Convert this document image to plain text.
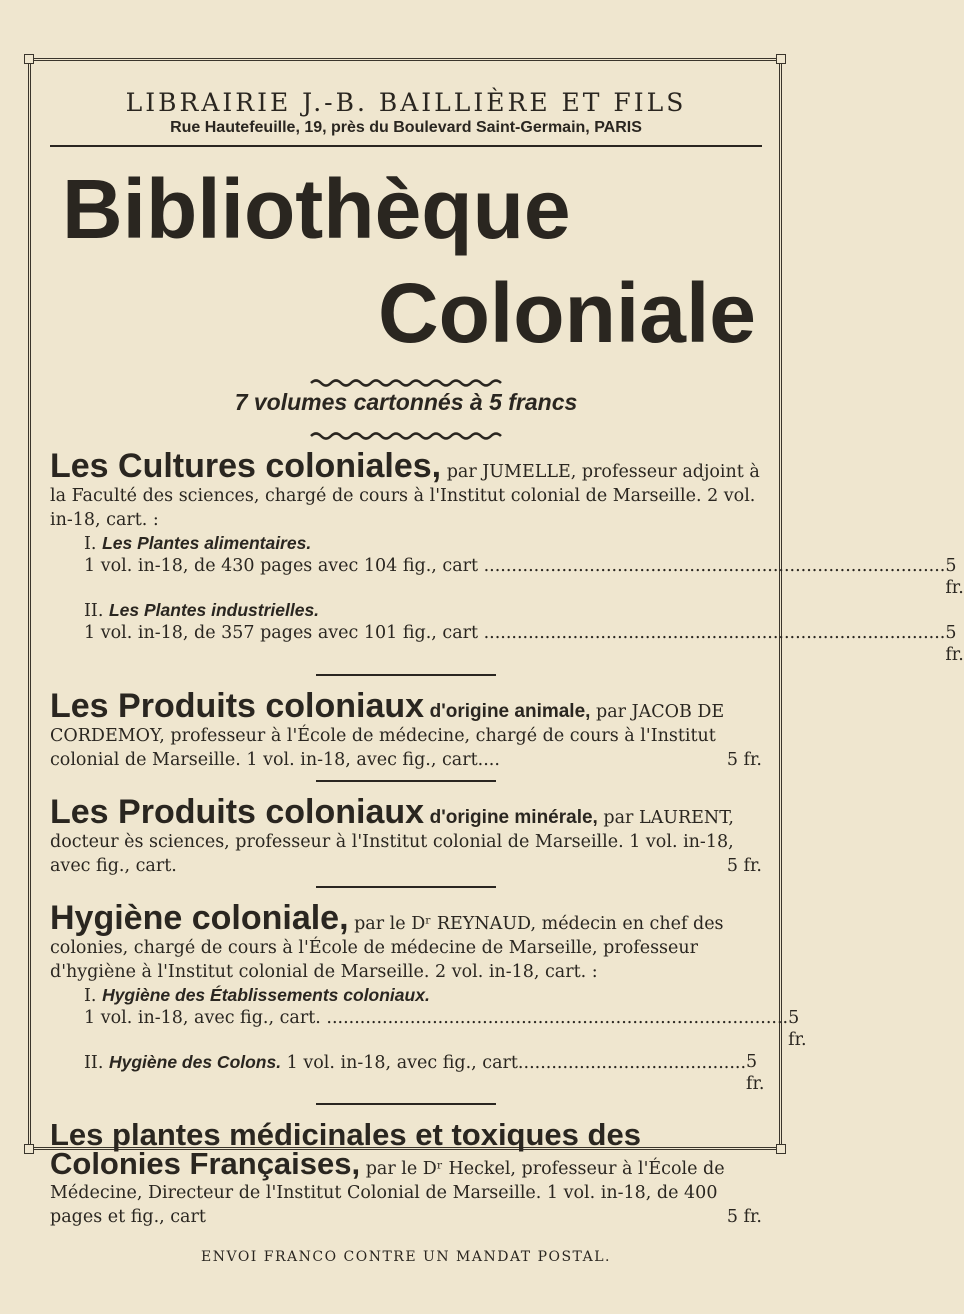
LIBRAIRIE J.-B. BAILLIÈRE ET FILS
Rue Hautefeuille, 19, près du Boulevard Saint-Germain, PARIS
Bibliothèque
Coloniale
7 volumes cartonnés à 5 francs
Les Cultures coloniales, par JUMELLE, professeur adjoint à la Faculté des sciences, chargé de cours à l'Institut colonial de Marseille. 2 vol. in-18, cart. :
I. Les Plantes alimentaires.
1 vol. in-18, de 430 pages avec 104 fig., cart ................................................................................... 5 fr.
II. Les Plantes industrielles.
1 vol. in-18, de 357 pages avec 101 fig., cart ................................................................................... 5 fr.
Les Produits coloniaux d'origine animale, par JACOB DE CORDEMOY, professeur à l'École de médecine, chargé de cours à l'Institut colonial de Marseille. 1 vol. in-18, avec fig., cart....	5 fr.
Les Produits coloniaux d'origine minérale, par LAURENT, docteur ès sciences, professeur à l'Institut colonial de Marseille. 1 vol. in-18, avec fig., cart.	5 fr.
Hygiène coloniale, par le Dʳ REYNAUD, médecin en chef des colonies, chargé de cours à l'École de médecine de Marseille, professeur d'hygiène à l'Institut colonial de Marseille. 2 vol. in-18, cart. :
I. Hygiène des Établissements coloniaux.
1 vol. in-18, avec fig., cart. ................................................................................... 5 fr.
II. Hygiène des Colons. 1 vol. in-18, avec fig., cart......................................... 5 fr.
Les plantes médicinales et toxiques des Colonies Françaises, par le Dʳ Heckel, professeur à l'École de Médecine, Directeur de l'Institut Colonial de Marseille. 1 vol. in-18, de 400 pages et fig., cart	5 fr.
ENVOI FRANCO CONTRE UN MANDAT POSTAL.
